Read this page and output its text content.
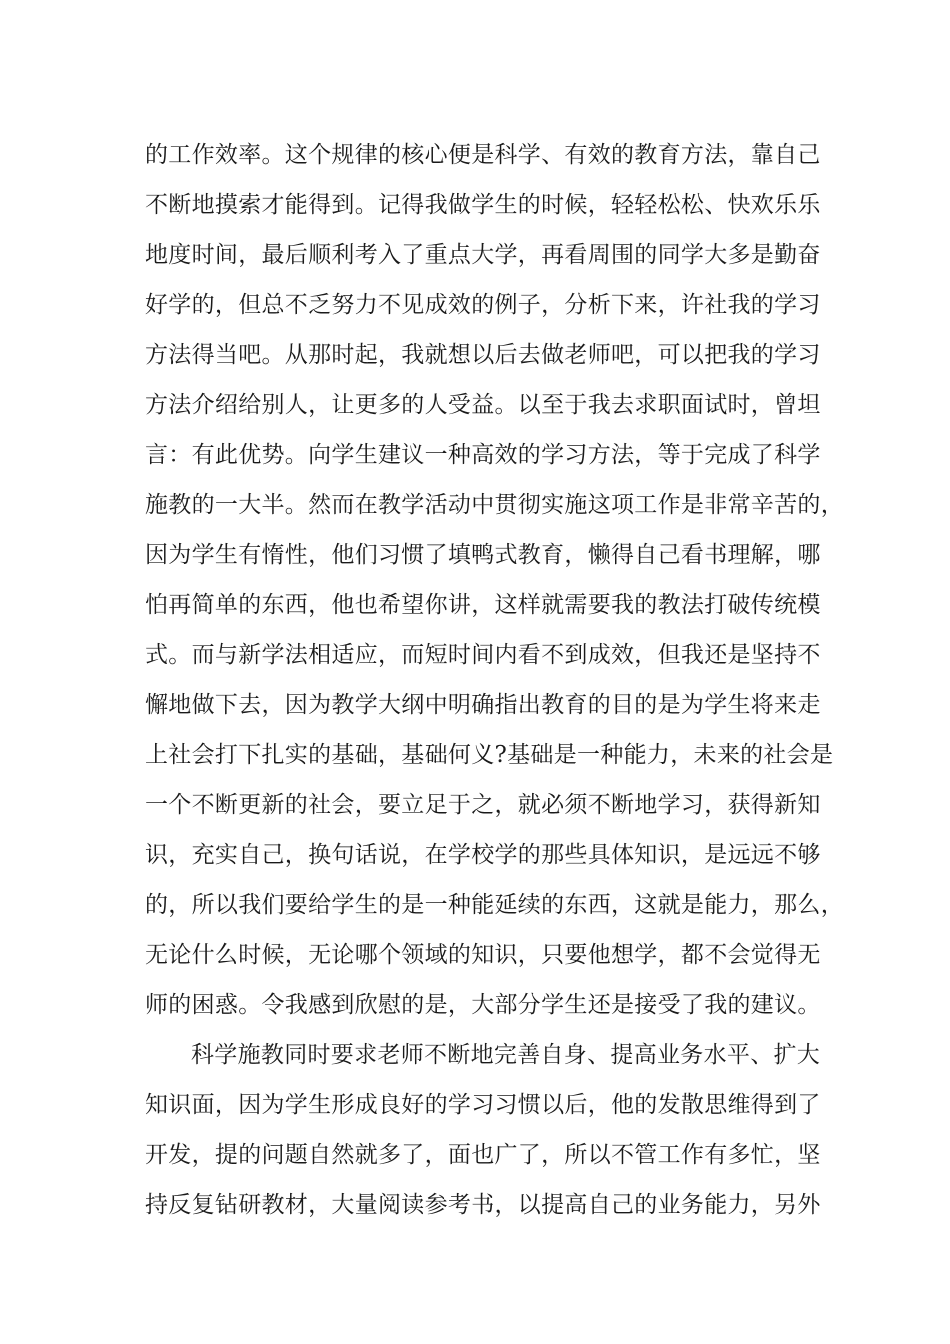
的工作效率。这个规律的核心便是科学、有效的教育方法，靠自己
不断地摸索才能得到。记得我做学生的时候，轻轻松松、快欢乐乐
地度时间，最后顺利考入了重点大学，再看周围的同学大多是勤奋
好学的，但总不乏努力不见成效的例子，分析下来，许社我的学习
方法得当吧。从那时起，我就想以后去做老师吧，可以把我的学习
方法介绍给别人，让更多的人受益。以至于我去求职面试时，曾坦
言：有此优势。向学生建议一种高效的学习方法，等于完成了科学
施教的一大半。然而在教学活动中贯彻实施这项工作是非常辛苦的，
因为学生有惰性，他们习惯了填鸭式教育，懒得自己看书理解，哪
怕再简单的东西，他也希望你讲，这样就需要我的教法打破传统模
式。而与新学法相适应，而短时间内看不到成效，但我还是坚持不
懈地做下去，因为教学大纲中明确指出教育的目的是为学生将来走
上社会打下扎实的基础，基础何义?基础是一种能力，未来的社会是
一个不断更新的社会，要立足于之，就必须不断地学习，获得新知
识，充实自己，换句话说，在学校学的那些具体知识，是远远不够
的，所以我们要给学生的是一种能延续的东西，这就是能力，那么，
无论什么时候，无论哪个领域的知识，只要他想学，都不会觉得无
师的困惑。令我感到欣慰的是，大部分学生还是接受了我的建议。
科学施教同时要求老师不断地完善自身、提高业务水平、扩大
知识面，因为学生形成良好的学习习惯以后，他的发散思维得到了
开发，提的问题自然就多了，面也广了，所以不管工作有多忙，坚
持反复钻研教材，大量阅读参考书，以提高自己的业务能力，另外
